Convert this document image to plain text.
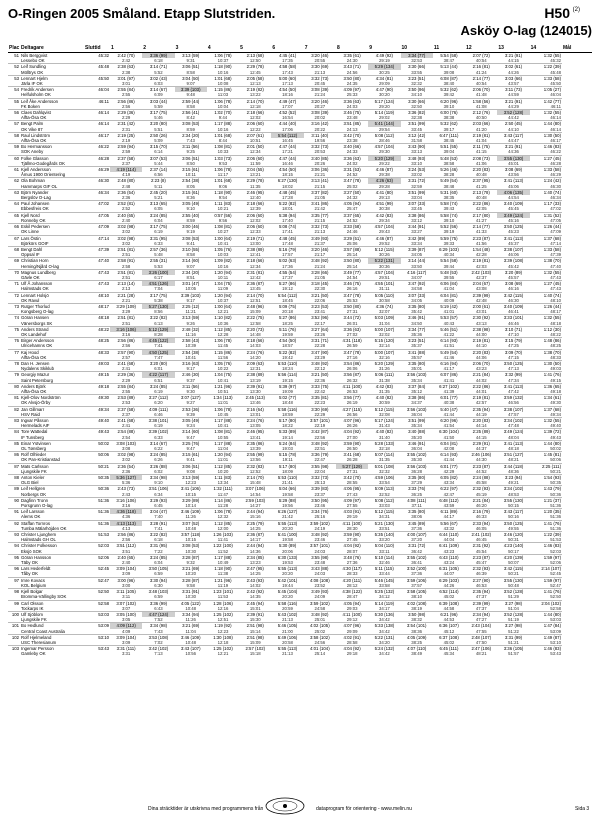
O-Ringen 2005 Småland. Etapp Slutstriden.	H50 (2)
Asköy O-lag (124015)
Plac	Deltagare	Sluttid	1	2	3	4	5	6	7	8	9	10	11	12	13	14	Mål
51	Nils Berggvist	45:32	2:42 (70)	3:36 (99)	3:13 (59)	1:06 (78)	2:13 (68)	4:45 (41)	3:20 (46)	3:35 (61)	4:49 (92)	3:34 (77)	5:54 (58)	2:07 (72)	3:21 (91)	1:32 (55)	
	Lessebo OK		2:42	6:18	9:31	10:37	12:50	17:35	20:55	24:30	29:19	32:53	38:47	40:54	44:15	45:32	
52	Leif Sundling	45:48	2:38 (63)	3:14 (71)	3:06 (51)	1:18 (90)	2:29 (78)	4:58 (58)	3:30 (69)	3:43 (71)	5:29 (134)	3:30 (66)	5:13 (44)	2:16 (81)	3:02 (61)	1:22 (39)	
	Mölltrys OK		2:38	5:52	8:58	10:16	12:45	17:43	21:13	24:56	30:25	33:55	39:08	41:24	44:26	45:48	
53	Lennart Hjelm	45:50	3:01 (97)	3:02 (43)	3:04 (50)	1:01 (68)	2:05 (58)	5:00 (60)	3:32 (73)	3:50 (80)	4:34 (81)	3:23 (51)	6:08 (87)	2:14 (77)	3:03 (66)	1:33 (58)	
	Järla IF OK		3:01	6:03	9:07	10:08	12:13	17:13	20:45	24:35	29:09	32:32	38:40	40:54	43:57	45:50	
54	Fredrik Andersen	46:04	2:55 (84)	3:14 (67)	3:39 (103)	1:15 (86)	2:19 (82)	4:54 (50)	3:08 (39)	4:09 (97)	4:47 (90)	3:50 (96)	5:32 (62)	2:06 (70)	3:11 (73)	1:05 (27)	
	Helfulsholm OK		2:55	6:09	9:48	11:03	13:22	18:16	21:24	25:33	30:20	34:10	39:42	41:48	44:59	46:04	
55	Leif Åke Andersson	46:11	2:56 (86)	3:03 (44)	2:59 (44)	1:06 (78)	2:14 (70)	4:49 (47)	3:20 (46)	3:36 (63)	5:17 (124)	3:30 (66)	6:20 (96)	1:58 (56)	3:21 (91)	1:42 (77)	
	FK Boken		2:56	5:59	8:58	10:04	12:18	17:07	20:27	24:03	29:20	32:50	39:10	41:08	44:29	46:11	
56	Claes Dahlqvist	46:14	2:29 (36)	3:17 (75)	2:56 (41)	1:02 (70)	2:18 (66)	4:52 (52)	3:08 (39)	3:46 (75)	5:14 (119)	3:36 (82)	6:00 (76)	2:12 (76)	3:52 (128)	1:32 (55)	
	Alfta-Ösa OK		2:29	5:46	8:42	9:44	12:02	16:54	20:02	23:48	29:02	32:38	38:38	40:50	44:42	46:14	
57	Bengt Palm	46:14	2:31 (42)	3:20 (80)	3:08 (53)	1:17 (88)	2:06 (60)	4:44 (40)	3:16 (42)	3:51 (85)	5:41 (144)	3:51 (99)	5:32 (62)	2:03 (66)	2:50 (45)	1:44 (80)	
	OK Vike 87		2:31	5:51	8:59	10:16	12:22	17:06	20:22	24:13	29:54	33:45	39:17	41:20	44:10	46:14	
58	Raul Lindström	46:17	2:19 (25)	2:50 (26)	2:34 (20)	1:01 (68)	2:07 (61)	5:54 (112)	3:11 (40)	3:42 (70)	5:08 (112)	3:12 (42)	6:47 (111)	2:19 (81)	3:43 (117)	1:30 (50)	
	Alfta-Ösa OK		2:19	5:09	7:43	8:44	10:51	16:45	19:56	23:38	28:46	31:58	38:45	41:04	44:47	46:17	
59	Bo Hermansson	46:22	2:59 (94)	3:15 (70)	3:11 (56)	1:08 (81)	2:01 (50)	4:47 (44)	3:32 (73)	3:40 (66)	4:57 (104)	3:43 (90)	5:51 (55)	2:11 (75)	3:21 (91)	1:46 (83)	
	SOK Aneby		2:59	6:14	9:25	10:33	12:34	17:21	20:53	24:33	29:30	33:13	39:04	41:15	44:36	46:22	
60	Folke Glasson	46:28	2:37 (58)	3:07 (53)	3:06 (51)	1:03 (73)	2:06 (60)	4:47 (44)	3:40 (85)	3:36 (63)	5:20 (129)	3:48 (93)	5:48 (53)	2:08 (73)	3:55 (130)	1:27 (45)	
	Tjällmo-Godegårds OK		2:37	5:44	8:50	9:53	11:59	16:46	20:26	24:02	29:22	33:10	38:58	41:06	45:01	46:28	
61	Kjell Andersson	46:29	4:19 (114)	2:37 (14)	3:15 (61)	1:06 (78)	2:04 (55)	4:54 (50)	3:06 (36)	3:31 (53)	4:46 (87)	3:24 (53)	5:26 (46)	2:20 (83)	3:08 (69)	1:33 (58)	
	Åmus 1900 Orientering		4:19	6:56	10:11	11:17	13:21	18:15	21:21	24:52	29:38	33:02	38:28	40:48	43:56	46:29	
62	Ola Bohman	46:30	2:48 (80)	2:23 (8)	2:54 (38)	1:01 (68)	2:29 (78)	6:27 (130)	3:13 (41)	3:47 (78)	4:26 (63)	3:31 (72)	5:49 (54)	2:37 (95)	3:41 (113)	1:24 (42)	
	Hammarps GIF OL		2:48	5:11	8:05	9:06	11:35	18:02	21:15	25:02	29:28	32:59	38:48	41:25	45:06	46:30	
63	Björn Nyander	46:34	2:36 (54)	2:45 (20)	3:15 (61)	1:18 (90)	2:46 (95)	4:48 (45)	3:37 (82)	3:27 (50)	4:41 (80)	3:51 (99)	5:31 (60)	2:13 (78)	4:06 (135)	1:40 (74)	
	Bergslöv O-Lag		2:36	5:21	8:36	9:54	12:40	17:28	21:05	24:32	29:13	33:04	38:35	40:48	44:54	46:34	
64	Paul Johansen	47:02	2:52 (81)	3:13 (65)	3:05 (49)	1:11 (83)	2:18 (66)	5:22 (82)	3:41 (86)	4:05 (94)	4:51 (99)	3:07 (33)	5:58 (74)	2:22 (86)	3:40 (109)	1:17 (33)	
	Ebbesfreis OK		2:52	6:05	9:10	10:21	12:39	18:01	21:42	25:47	30:38	33:45	39:43	42:05	45:45	47:02	
65	Kjell Nord	47:05	2:40 (65)	3:24 (85)	2:55 (40)	0:57 (56)	2:06 (60)	5:38 (94)	3:35 (77)	3:37 (65)	4:42 (83)	3:38 (86)	5:58 (74)	2:17 (80)	3:49 (124)	1:31 (52)	
	Ronneby OK		2:40	6:04	8:59	9:56	12:02	17:40	21:15	24:52	29:34	33:12	39:10	41:27	45:16	47:05	
66	Eskil Pedersen	47:09	3:02 (98)	3:17 (75)	3:00 (46)	1:08 (81)	2:06 (60)	5:08 (74)	3:32 (73)	3:33 (58)	4:57 (104)	3:44 (91)	5:52 (56)	2:14 (77)	3:50 (125)	1:26 (44)	
	OK Linne		3:02	6:19	9:19	10:27	12:33	17:41	21:13	24:46	29:43	33:27	39:19	41:33	45:23	47:09	
67	Lars Östin	47:14	3:02 (98)	3:31 (95)	3:08 (53)	1:00 (64)	2:19 (71)	4:48 (45)	3:49 (93)	3:29 (51)	4:46 (87)	3:42 (89)	5:59 (75)	2:23 (87)	3:41 (113)	1:37 (68)	
	Björkörs GOIF		3:02	6:33	9:41	10:41	13:00	17:48	21:37	25:06	29:52	33:34	39:33	41:56	45:37	47:14	
68	Bengt Dahl	47:39	2:51 (81)	2:57 (36)	3:10 (55)	1:05 (76)	2:38 (89)	5:16 (79)	3:20 (46)	3:57 (88)	5:12 (115)	3:39 (87)	6:29 (103)	1:54 (48)	3:38 (107)	1:33 (58)	
	Oppsal IF		2:51	5:48	8:58	10:03	12:41	17:57	21:17	25:14	30:26	34:05	40:34	42:28	46:06	47:39	
69	Christian Horn	47:40	2:58 (91)	2:55 (31)	3:14 (60)	1:09 (82)	2:18 (66)	5:02 (63)	3:48 (92)	3:50 (80)	5:22 (131)	3:14 (44)	5:54 (58)	2:19 (81)	3:39 (108)	1:38 (70)	
	Heming/Njård O-lag		2:58	5:53	9:07	10:16	12:34	17:36	21:24	25:14	30:36	33:50	39:44	42:03	45:42	47:40	
70	Magnus Lundberg	47:43	2:51 (81)	3:26 (100)	2:34 (20)	1:20 (94)	2:31 (81)	4:55 (54)	3:28 (66)	3:49 (77)	4:57 (104)	4:16 (117)	5:48 (53)	2:42 (103)	3:20 (89)	1:32 (55)	
	Gävle OK		2:51	6:17	8:51	10:11	12:42	17:37	21:05	24:54	29:51	34:07	39:55	42:37	45:57	47:43	
71	Ulf Å Johansson	47:43	2:13 (14)	4:51 (126)	3:01 (47)	1:04 (75)	2:36 (87)	5:27 (86)	3:18 (45)	3:46 (75)	4:55 (101)	3:47 (92)	6:06 (84)	2:04 (67)	3:08 (69)	1:27 (45)	
	Halmstads OK		2:13	7:04	10:05	11:09	13:45	19:12	22:30	26:16	31:11	34:58	41:04	43:08	46:16	47:43	
72	Lennart Holsjö	48:10	2:21 (28)	3:17 (75)	3:39 (103)	1:20 (94)	2:14 (70)	5:54 (112)	3:21 (50)	3:47 (78)	5:05 (110)	3:07 (33)	6:04 (81)	2:39 (99)	3:42 (115)	1:40 (74)	
	OK Ravul		2:21	5:38	9:17	10:37	12:51	18:45	22:06	25:53	30:58	34:05	40:09	42:48	46:30	48:10	
73	Rutger Thorlud	48:17	3:29 (109)	5:27 (130)	2:25 (12)	1:00 (64)	2:48 (96)	5:09 (75)	3:23 (53)	3:50 (80)	4:36 (74)	3:35 (80)	5:19 (42)	2:00 (61)	3:40 (109)	1:26 (44)	
	Kongsberg O-lag		3:29	8:56	11:21	12:21	15:09	20:18	23:41	27:31	32:07	35:42	41:01	43:01	46:41	48:17	
74	Göran Hansen	48:18	2:51 (81)	3:22 (82)	3:13 (59)	1:10 (82)	2:22 (75)	5:27 (86)	3:52 (96)	3:44 (72)	5:03 (109)	3:46 (91)	5:53 (57)	2:30 (92)	3:33 (101)	1:32 (55)	
	Vänersborgs SK		2:51	6:13	9:26	10:36	12:58	18:25	22:17	26:01	31:04	34:50	40:43	43:13	46:46	48:18	
75	Anders Strand	48:22	3:16 (106)	5:12 (129)	2:48 (32)	1:12 (85)	2:20 (73)	5:11 (76)	3:27 (64)	3:36 (63)	5:00 (107)	3:34 (77)	5:46 (51)	2:38 (98)	3:10 (71)	1:12 (30)	
	OK Landehof		3:16	8:28	11:16	12:28	14:48	19:59	23:26	27:02	32:02	35:36	41:22	44:00	47:10	48:22	
76	Birger Andersson	48:25	2:56 (86)	4:45 (122)	2:58 (43)	1:06 (78)	2:18 (66)	4:54 (50)	3:31 (71)	4:31 (118)	5:15 (120)	3:23 (51)	6:14 (93)	2:19 (81)	3:15 (79)	1:48 (86)	
	Ulricehamns OK		2:56	7:41	10:39	11:45	14:03	18:57	22:28	26:59	32:14	35:37	41:51	44:10	47:25	48:25	
77	Kaj Hood	48:33	2:57 (90)	4:50 (125)	2:54 (38)	1:15 (86)	2:24 (76)	5:22 (82)	3:47 (90)	3:47 (78)	5:00 (107)	3:41 (88)	5:49 (54)	2:20 (83)	3:09 (70)	1:38 (70)	
	Alfta-Ösa OK		2:57	7:47	10:41	11:56	14:20	19:42	23:29	27:16	32:16	35:57	41:46	44:06	47:15	48:33	
78	Dan H. Jensen	49:03	2:41 (68)	3:20 (80)	3:16 (63)	1:05 (76)	2:09 (63)	5:53 (110)	3:48 (92)	3:54 (86)	5:20 (129)	3:35 (80)	6:16 (94)	2:06 (70)	3:50 (125)	1:30 (50)	
	Nydalens Skiklub		2:41	6:01	9:17	10:22	12:31	18:24	22:12	26:06	31:26	35:01	41:17	43:23	47:13	49:03	
79	Georgiy Mazur	49:15	2:29 (36)	4:22 (117)	2:46 (30)	1:04 (75)	2:38 (89)	5:56 (114)	3:21 (50)	3:56 (87)	5:06 (111)	3:56 (103)	6:07 (86)	2:21 (84)	3:32 (99)	1:41 (76)	
	Saint Petersburg		2:29	6:51	9:37	10:41	13:19	19:15	22:36	26:32	31:38	35:34	41:41	44:02	47:34	49:15	
80	Anders Björk	49:18	2:55 (84)	3:24 (85)	3:11 (56)	1:21 (96)	2:39 (91)	5:39 (97)	3:33 (75)	4:11 (100)	4:42 (83)	3:37 (84)	6:27 (102)	2:22 (86)	3:41 (113)	1:36 (65)	
	Alfta-Ösa OK		2:55	6:19	9:30	10:51	13:30	19:09	22:42	26:53	31:35	35:12	41:39	44:01	47:42	49:18	
81	Kjell-Olov Nordström	49:30	2:53 (89)	3:27 (112)	3:07 (127)	1:34 (113)	2:45 (113)	5:02 (77)	3:35 (81)	3:56 (77)	4:40 (82)	3:38 (86)	6:01 (77)	2:19 (81)	3:59 (132)	1:34 (61)	
	OK Alvsjö-Örby		2:53	6:20	9:27	11:01	13:46	18:48	22:23	26:19	30:59	34:37	40:38	42:57	46:56	49:30	
82	Jan Gillmarr	49:34	2:37 (58)	4:09 (111)	2:53 (36)	1:06 (78)	2:16 (64)	5:58 (116)	3:30 (69)	4:27 (115)	5:12 (115)	3:56 (103)	5:40 (47)	2:35 (94)	3:38 (107)	1:37 (68)	
	HSV Raid		2:37	6:46	9:39	10:45	13:01	18:59	22:29	26:56	32:08	36:04	41:44	44:19	47:57	49:34	
83	Ingvar Påsson	49:40	2:41 (68)	3:38 (101)	3:05 (49)	1:17 (88)	2:24 (76)	5:17 (80)	3:57 (101)	4:07 (96)	5:17 (124)	3:51 (99)	6:20 (96)	2:20 (83)	3:34 (102)	1:32 (55)	
	Hermelads AIF		2:41	6:19	9:24	10:41	13:05	18:22	22:19	26:26	31:43	35:34	41:54	44:14	47:48	49:40	
84	Tore Wattedal	49:43	2:54 (88)	3:39 (102)	3:14 (60)	1:08 (81)	2:46 (95)	5:33 (89)	3:42 (87)	4:04 (92)	4:40 (82)	3:40 (88)	6:30 (104)	2:25 (89)	3:49 (124)	1:39 (72)	
	IF Tunsberg		2:54	6:33	9:47	10:55	13:41	19:14	22:56	27:00	31:40	35:20	41:50	44:15	48:04	49:43	
85	Einar Ystvinsen	50:02	3:08 (103)	3:14 (67)	3:25 (76)	1:17 (88)	2:35 (86)	5:24 (84)	3:48 (92)	3:59 (90)	5:28 (133)	3:46 (91)	6:04 (81)	2:29 (91)	3:41 (113)	1:44 (80)	
	OL Tønsberg		3:08	6:22	9:47	11:04	13:39	19:03	22:51	26:50	32:18	36:04	42:08	44:37	48:18	50:02	
86	Rolf Olhleder	50:06	3:02 (98)	3:24 (85)	3:15 (61)	1:20 (94)	2:55 (99)	5:15 (78)	3:36 (79)	3:41 (68)	5:07 (114)	3:55 (102)	6:14 (93)	2:46 (106)	3:51 (127)	1:45 (81)	
	OK Pan-Kristianstad		3:02	6:26	9:41	11:01	13:56	19:11	22:47	26:28	31:35	35:30	41:44	44:30	48:21	50:06	
87	Mats Carlsson	50:21	2:36 (54)	3:26 (88)	3:06 (51)	1:12 (85)	2:32 (83)	5:17 (80)	3:55 (98)	5:27 (129)	5:01 (108)	3:56 (103)	6:01 (77)	2:23 (87)	3:44 (118)	2:25 (111)	
	Ljungskile FK		2:36	6:02	9:08	10:20	12:52	18:09	22:04	27:31	32:32	36:28	42:29	44:52	48:36	50:21	
88	Anton Kieler	50:35	5:36 (127)	3:34 (98)	3:13 (59)	1:11 (83)	2:14 (70)	5:53 (110)	3:32 (73)	3:42 (70)	4:59 (106)	3:35 (80)	6:05 (82)	2:24 (88)	3:23 (94)	1:54 (93)	
	OLG Biel		5:36	9:10	12:23	13:34	15:48	21:41	25:13	28:55	33:54	37:29	43:34	45:58	49:21	50:35	
89	Leif Hellgren	50:36	2:43 (73)	3:51 (106)	3:41 (106)	1:32 (111)	3:07 (106)	5:04 (66)	3:39 (83)	4:06 (95)	5:09 (113)	3:33 (76)	6:22 (97)	2:32 (93)	3:34 (102)	1:43 (79)	
	Norbergs OK		2:43	6:34	10:15	11:47	14:54	19:58	23:37	27:43	32:52	36:25	42:47	45:19	48:53	50:36	
90	Dagfinn Tronn	51:36	3:16 (106)	3:29 (93)	3:29 (89)	1:14 (86)	2:59 (103)	5:29 (88)	3:50 (95)	4:09 (97)	5:08 (112)	4:08 (111)	6:48 (112)	2:21 (84)	3:55 (130)	1:21 (37)	
	Porsgrunn O-lag		3:16	6:45	10:14	11:28	14:27	19:56	23:46	27:55	33:03	37:11	43:59	46:20	50:15	51:36	
91	Leif Larsson	51:36	4:36 (118)	3:04 (47)	3:46 (109)	1:06 (78)	2:44 (94)	6:26 (127)	3:34 (76)	4:03 (91)	5:12 (115)	3:35 (80)	6:11 (89)	2:16 (79)	3:43 (117)	1:20 (35)	
	Alems OK		4:36	7:40	11:26	12:32	15:16	21:42	25:16	29:19	34:31	38:06	44:17	46:33	50:16	51:36	
92	Staffan Tornros	51:36	4:13 (113)	3:28 (91)	3:07 (52)	1:12 (85)	2:25 (79)	5:55 (113)	3:59 (102)	4:11 (100)	5:21 (130)	3:45 (89)	5:56 (67)	2:33 (94)	3:50 (125)	1:41 (76)	
	Tumba Mälarhöjden OK		4:13	7:41	10:48	12:00	14:25	20:20	24:19	28:30	33:51	37:36	43:32	46:05	49:55	51:36	
93	Christer Ljunghem	51:53	2:56 (86)	3:22 (82)	3:57 (118)	1:26 (103)	2:36 (87)	5:41 (100)	3:48 (92)	3:59 (90)	5:35 (140)	4:00 (107)	6:44 (110)	2:41 (102)	3:46 (120)	1:22 (39)	
	Halmstads GH OL		2:56	6:18	10:15	11:41	14:17	19:58	23:46	27:45	33:20	37:20	44:04	46:45	50:31	51:53	
94	Christer Folkesson	52:03	3:51 (112)	3:31 (95)	3:08 (53)	1:22 (100)	2:44 (94)	5:30 (89)	3:57 (101)	4:04 (92)	5:04 (110)	3:31 (72)	6:41 (109)	2:31 (92)	4:23 (140)	1:46 (83)	
	Eksjö SOK		3:51	7:22	10:30	11:52	14:36	20:06	24:03	28:07	33:11	36:42	43:23	45:54	50:17	52:03	
95	Göran Hansson	52:06	2:40 (65)	3:24 (85)	3:28 (87)	1:17 (88)	2:34 (85)	6:30 (133)	3:55 (98)	3:48 (76)	5:10 (114)	3:55 (102)	6:43 (110)	2:23 (87)	4:20 (139)	1:59 (97)	
	Täby OK		2:40	6:04	9:32	10:49	13:23	19:53	23:48	27:36	32:46	36:41	43:24	45:47	50:07	52:06	
96	Lars Hederfeldt	52:45	3:09 (104)	3:50 (105)	3:21 (69)	1:18 (90)	2:47 (95)	5:55 (113)	3:43 (88)	4:30 (117)	5:11 (115)	3:52 (100)	6:31 (105)	2:32 (93)	3:42 (115)	2:14 (107)	
	Tåby OK		3:09	6:59	10:20	11:38	14:25	20:20	24:03	28:33	33:44	37:36	44:07	46:39	50:21	52:45	
97	Imre Kovacs	52:47	3:00 (96)	3:30 (94)	3:28 (87)	1:21 (96)	2:43 (93)	5:42 (101)	4:08 (108)	4:20 (111)	5:46 (145)	3:59 (106)	6:29 (103)	2:27 (90)	3:55 (130)	1:59 (97)	
	KOL Belgium		3:00	6:30	9:58	11:19	14:02	19:44	23:52	28:12	33:58	37:57	44:26	46:53	50:48	52:47	
98	Kjell Bolgar	52:50	3:11 (105)	3:48 (103)	3:31 (91)	1:23 (101)	2:42 (92)	5:45 (104)	3:49 (93)	4:38 (122)	5:25 (132)	3:58 (105)	6:52 (114)	2:35 (94)	3:52 (128)	1:41 (76)	
	Bromma-Vällingby SOK		3:11	6:59	10:30	11:53	14:35	20:20	24:09	28:47	34:12	38:10	45:02	47:37	51:29	52:50	
99	Carl Olsson	52:58	3:07 (102)	3:36 (99)	4:05 (122)	1:28 (106)	2:45 (94)	5:58 (116)	3:59 (102)	4:05 (94)	5:14 (119)	4:02 (108)	6:39 (108)	2:39 (99)	3:27 (98)	2:04 (102)	
	Tockarps IK		3:07	6:43	10:48	12:16	15:01	20:59	24:58	29:03	34:17	38:19	44:58	47:37	51:04	52:58	
100	Ulf Sjöblom	53:03	3:05 (100)	4:47 (124)	3:34 (94)	1:25 (102)	2:39 (91)	5:43 (102)	3:48 (92)	4:11 (100)	5:30 (136)	3:50 (98)	6:21 (96)	2:34 (94)	3:52 (128)	1:44 (80)	
	Ljungskile FK		3:05	7:52	11:26	12:51	15:30	21:13	25:01	29:12	34:42	38:32	44:53	47:27	51:19	53:03	
101	Bo Hedlund	53:09	4:09 (112)	3:34 (98)	3:21 (69)	1:19 (92)	2:51 (98)	5:46 (105)	4:02 (105)	4:07 (96)	5:33 (138)	3:54 (101)	6:36 (107)	2:43 (104)	3:27 (98)	1:47 (84)	
	Central Coast Australia		4:09	7:43	11:04	12:23	15:14	21:00	25:02	29:09	34:42	38:36	45:12	47:55	51:22	53:09	
102	Rolf Hjelmeland	53:10	3:09 (104)	3:53 (108)	3:46 (109)	1:30 (108)	2:51 (98)	5:49 (106)	3:58 (102)	4:02 (91)	5:22 (131)	4:05 (109)	6:37 (108)	2:48 (107)	3:31 (99)	1:49 (87)	
	USC Theresianum		3:09	7:02	10:48	12:18	15:09	20:58	24:56	28:58	34:20	38:25	45:02	47:50	51:21	53:10	
103	Ingemar Persson	53:43	3:31 (111)	3:42 (102)	3:43 (107)	1:25 (102)	2:57 (102)	5:55 (113)	4:01 (104)	4:04 (92)	5:24 (132)	4:07 (110)	6:45 (111)	2:47 (106)	3:36 (105)	1:46 (83)	
	Gamleby OK		3:31	7:13	10:56	12:21	15:18	21:13	25:14	29:18	34:42	38:49	45:34	48:21	51:57	53:43	
Dina sträcktider är utskrivna med programmens från	dataprogram för orientering - www.melin.nu	Sida 3
